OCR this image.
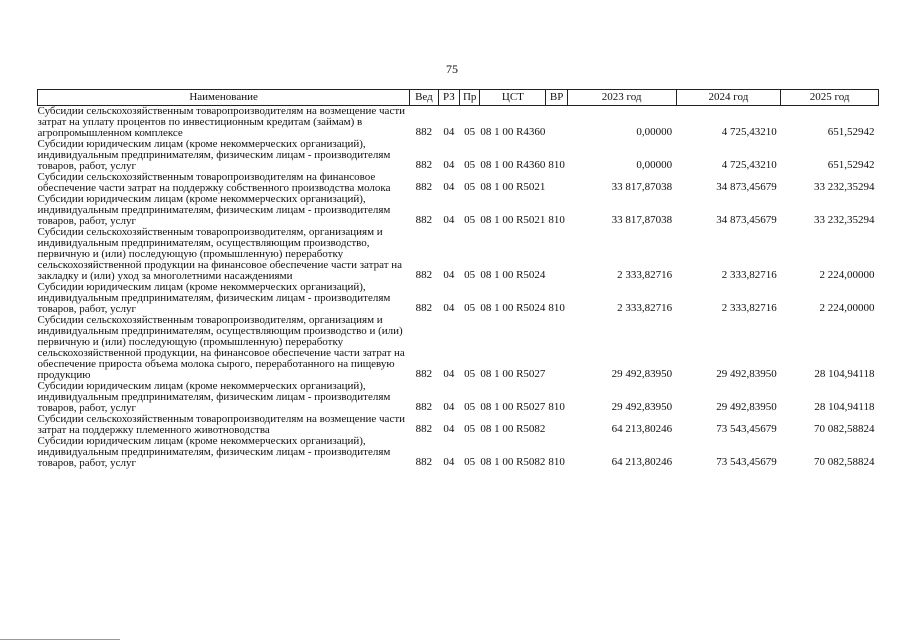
75
Наименование	Вед	РЗ	Пр	ЦСТ	ВР	2023 год	2024 год	2025 год
Субсидии сельскохозяйственным товаропроизводителям на возмещение части затрат на уплату процентов по инвестиционным кредитам (займам) в агропромышленном комплексе	882	04	05	08 1 00 R4360		0,00000	4 725,43210	651,52942
Субсидии юридическим лицам (кроме некоммерческих организаций), индивидуальным предпринимателям, физическим лицам - производителям товаров, работ, услуг	882	04	05	08 1 00 R4360	810	0,00000	4 725,43210	651,52942
Субсидии сельскохозяйственным товаропроизводителям на финансовое обеспечение части затрат на поддержку собственного производства молока	882	04	05	08 1 00 R5021		33 817,87038	34 873,45679	33 232,35294
Субсидии юридическим лицам (кроме некоммерческих организаций), индивидуальным предпринимателям, физическим лицам - производителям товаров, работ, услуг	882	04	05	08 1 00 R5021	810	33 817,87038	34 873,45679	33 232,35294
Субсидии сельскохозяйственным товаропроизводителям, организациям и индивидуальным предпринимателям, осуществляющим производство, первичную и (или) последующую (промышленную) переработку сельскохозяйственной продукции на финансовое обеспечение части затрат на закладку и (или) уход за многолетними насаждениями	882	04	05	08 1 00 R5024		2 333,82716	2 333,82716	2 224,00000
Субсидии юридическим лицам (кроме некоммерческих организаций), индивидуальным предпринимателям, физическим лицам - производителям товаров, работ, услуг	882	04	05	08 1 00 R5024	810	2 333,82716	2 333,82716	2 224,00000
Субсидии сельскохозяйственным товаропроизводителям, организациям и индивидуальным предпринимателям, осуществляющим производство и (или) первичную и (или) последующую (промышленную) переработку сельскохозяйственной продукции, на финансовое обеспечение части затрат на обеспечение прироста объема молока сырого, переработанного на пищевую продукцию	882	04	05	08 1 00 R5027		29 492,83950	29 492,83950	28 104,94118
Субсидии юридическим лицам (кроме некоммерческих организаций), индивидуальным предпринимателям, физическим лицам - производителям товаров, работ, услуг	882	04	05	08 1 00 R5027	810	29 492,83950	29 492,83950	28 104,94118
Субсидии сельскохозяйственным товаропроизводителям на возмещение части затрат на поддержку племенного животноводства	882	04	05	08 1 00 R5082		64 213,80246	73 543,45679	70 082,58824
Субсидии юридическим лицам (кроме некоммерческих организаций), индивидуальным предпринимателям, физическим лицам - производителям товаров, работ, услуг	882	04	05	08 1 00 R5082	810	64 213,80246	73 543,45679	70 082,58824
